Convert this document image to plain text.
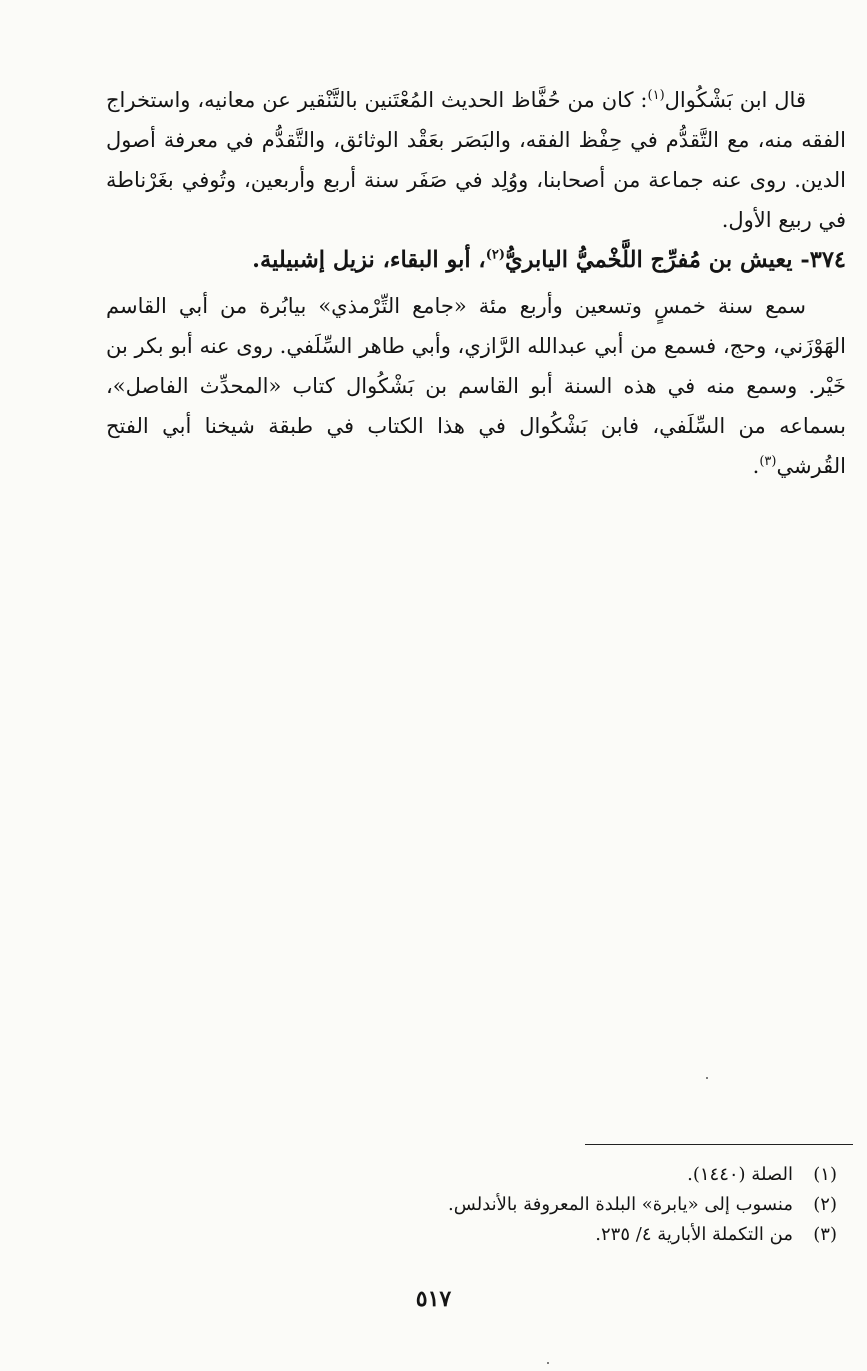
قال ابن بَشْكُوال$^{(١)}$: كان من حُفَّاظ الحديث المُعْتَنين بالتَّنْقير عن معانيه، واستخراج الفقه منه، مع التَّقدُّم في حِفْظ الفقه، والبَصَر بعَقْد الوثائق، والتَّقدُّم في معرفة أصول الدين. روى عنه جماعة من أصحابنا، ووُلِد في صَفَر سنة أربع وأربعين، وتُوفي بغَرْناطة في ربيع الأول.

٣٧٤- يعيش بن مُفرِّج اللَّخْميُّ اليابريُّ$^{(٢)}$، أبو البقاء، نزيل إشبيلية.

سمع سنة خمسٍ وتسعين وأربع مئة «جامع التِّرْمذي» بيابُرة من أبي القاسم الهَوْزَني، وحج، فسمع من أبي عبدالله الرَّازي، وأبي طاهر السِّلَفي. روى عنه أبو بكر بن خَيْر. وسمع منه في هذه السنة أبو القاسم بن بَشْكُوال كتاب «المحدِّث الفاصل»، بسماعه من السِّلَفي، فابن بَشْكُوال في هذا الكتاب في طبقة شيخنا أبي الفتح القُرشي$^{(٣)}$.

(١)
الصلة (١٤٤٠).
(٢)
منسوب إلى «يابرة» البلدة المعروفة بالأندلس.
(٣)
من التكملة الأبارية ٤/ ٢٣٥.
٥١٧
